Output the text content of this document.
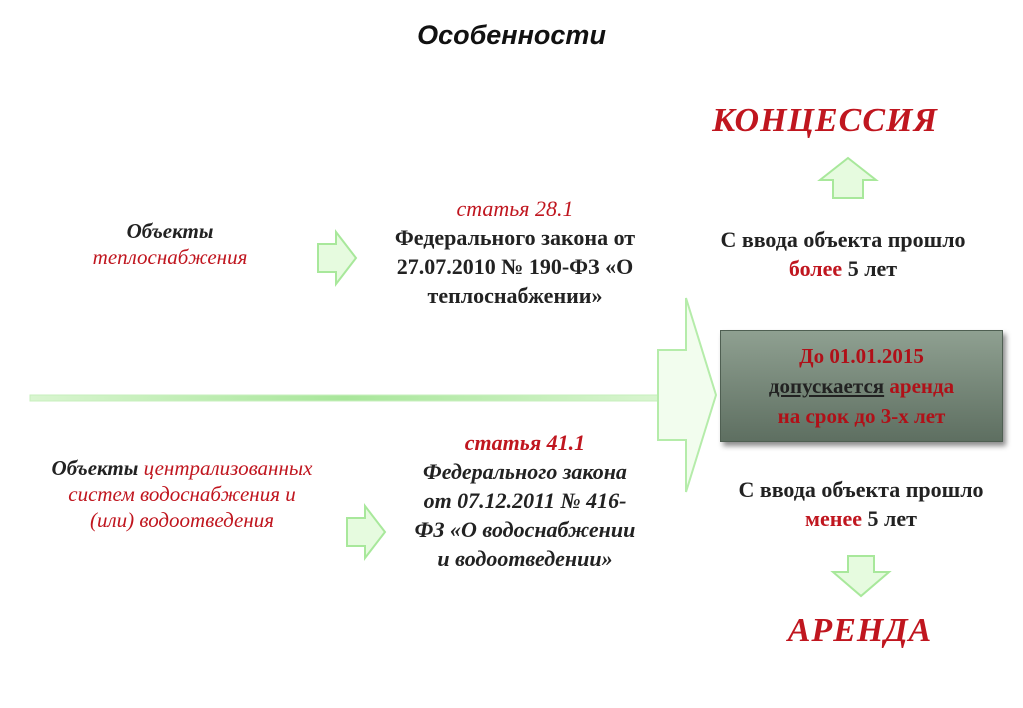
Особенности
КОНЦЕССИЯ
АРЕНДА
Объекты
теплоснабжения
Объекты централизованных
систем водоснабжения и
(или) водоотведения
статья 28.1
Федерального закона от
27.07.2010 № 190-ФЗ «О
теплоснабжении»
статья 41.1
Федерального закона
от 07.12.2011 № 416-
ФЗ «О водоснабжении
и водоотведении»
С ввода объекта прошло
более 5 лет
До 01.01.2015
допускается аренда
на срок до 3-х лет
С ввода объекта прошло
менее 5 лет
